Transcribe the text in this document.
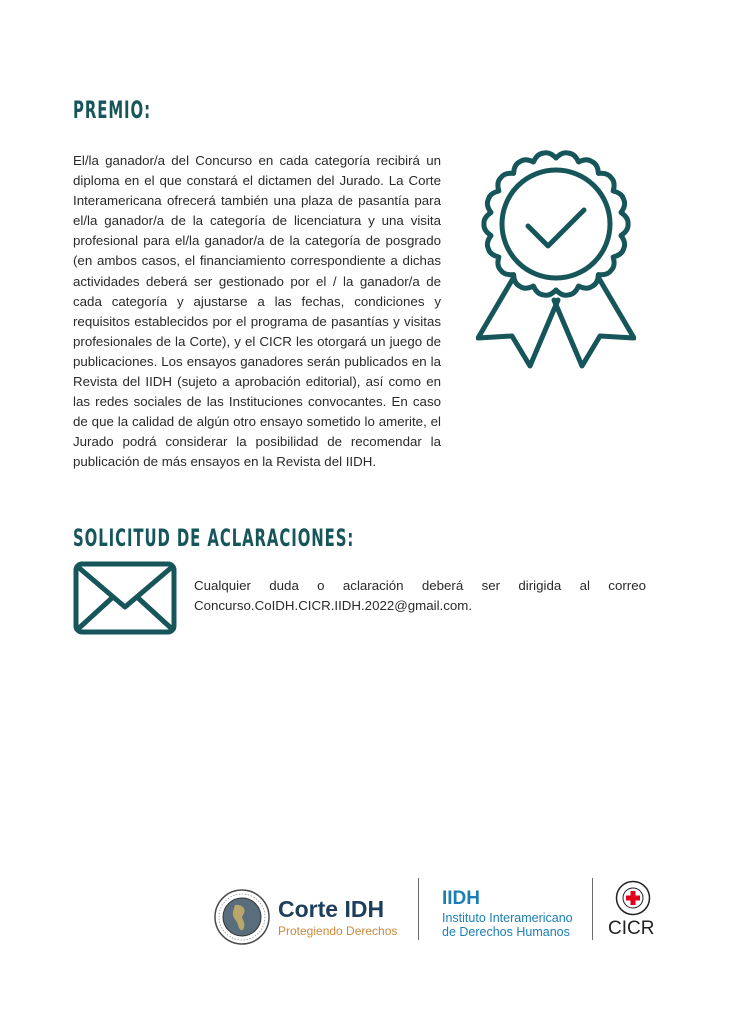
PREMIO:

El/la ganador/a del Concurso en cada categoría recibirá un diploma en el que constará el dictamen del Jurado. La Corte Interamericana ofrecerá también una plaza de pasantía para el/la ganador/a de la categoría de licenciatura y una visita profesional para el/la ganador/a de la categoría de posgrado (en ambos casos, el financiamiento correspondiente a dichas actividades deberá ser gestionado por el / la ganador/a de cada categoría y ajustarse a las fechas, condiciones y requisitos establecidos por el programa de pasantías y visitas profesionales de la Corte), y el CICR les otorgará un juego de publicaciones. Los ensayos ganadores serán publicados en la Revista del IIDH (sujeto a aprobación editorial), así como en las redes sociales de las Instituciones convocantes. En caso de que la calidad de algún otro ensayo sometido lo amerite, el Jurado podrá considerar la posibilidad de recomendar la publicación de más ensayos en la Revista del IIDH.

SOLICITUD DE ACLARACIONES:

Cualquier duda o aclaración deberá ser dirigida al correo Concurso.CoIDH.CICR.IIDH.2022@gmail.com.

Corte IDH
Protegiendo Derechos
IIDH
Instituto Interamericano
de Derechos Humanos CICR
